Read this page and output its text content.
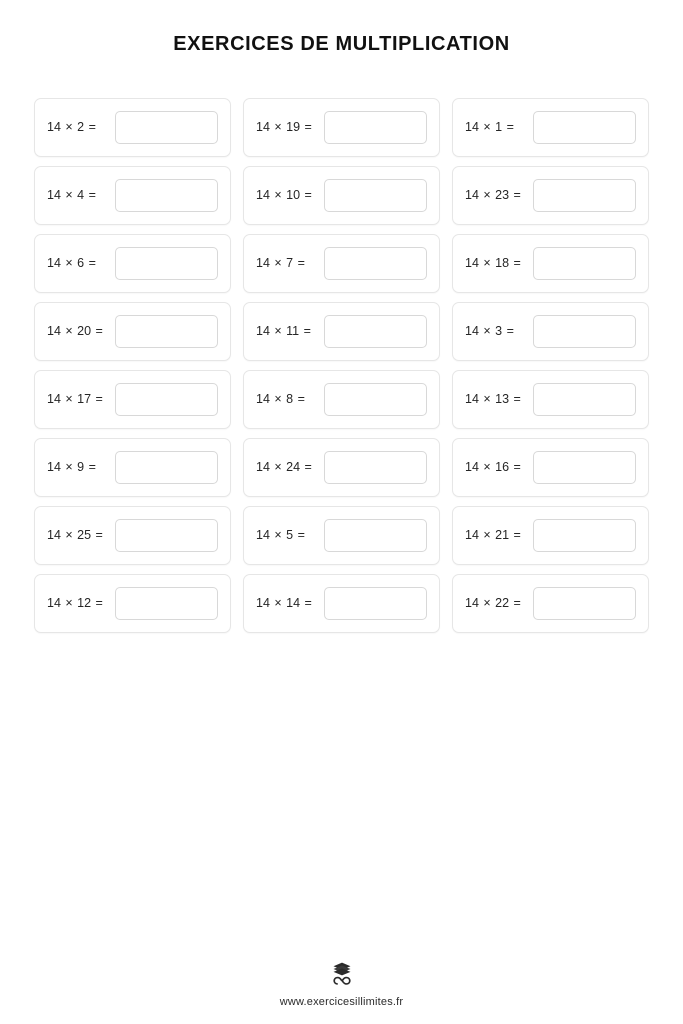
EXERCICES DE MULTIPLICATION
14 × 2 =	14 × 19 =	14 × 1 =
14 × 4 =	14 × 10 =	14 × 23 =
14 × 6 =	14 × 7 =	14 × 18 =
14 × 20 =	14 × 11 =	14 × 3 =
14 × 17 =	14 × 8 =	14 × 13 =
14 × 9 =	14 × 24 =	14 × 16 =
14 × 25 =	14 × 5 =	14 × 21 =
14 × 12 =	14 × 14 =	14 × 22 =
www.exercicesillimites.fr
